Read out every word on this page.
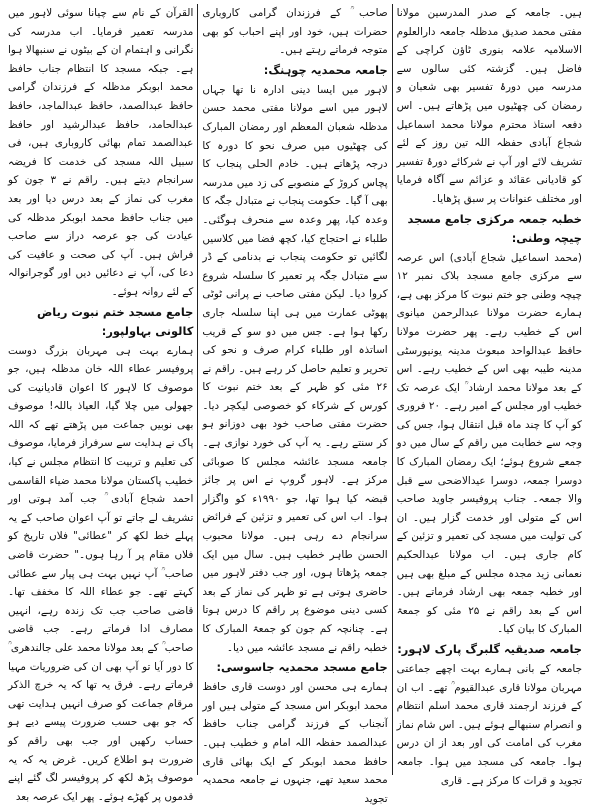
ہیں۔ جامعہ کے صدر المدرسین مولانا مفتی محمد صدیق مدظلہ جامعہ دارالعلوم الاسلامیہ علامہ بنوری ٹاؤن کراچی کے فاضل ہیں۔ گزشتہ کئی سالوں سے مدرسہ میں دورۂ تفسیر بھی شعبان و رمضان کی چھٹیوں میں پڑھاتے ہیں۔ اس دفعہ استاذ محترم مولانا محمد اسماعیل شجاع آبادی حفظہ اللہ تین روز کے لئے تشریف لائے اور آپ نے شرکائے دورۂ تفسیر کو قادیانی عقائد و عزائم سے آگاہ فرمایا اور مختلف عنوانات پر سبق پڑھایا۔

خطبہ جمعہ مرکزی جامع مسجد چیچہ وطنی:

(محمد اسماعیل شجاع آبادی) اس عرصہ سے مرکزی جامع مسجد بلاک نمبر ۱۲ چیچہ وطنی جو ختم نبوت کا مرکز بھی ہے، ہمارے حضرت مولانا عبدالرحمن میانوی اس کے خطیب رہے۔ پھر حضرت مولانا حافظ عبدالواحد مبعوث مدینہ یونیورسٹی مدینہ طیبہ بھی اس کے خطیب رہے۔ اس کے بعد مولانا محمد ارشاد ؒ ایک عرصہ تک خطیب اور مجلس کے امیر رہے۔ ۲۰ فروری کو آپ کا چند ماہ قبل انتقال ہوا، جس کی وجہ سے خطابت میں راقم کے سال میں دو جمعے شروع ہوئے؛ ایک رمضان المبارک کا دوسرا جمعہ، دوسرا عیدالاضحی سے قبل والا جمعہ۔ جناب پروفیسر جاوید صاحب اس کے متولی اور خدمت گزار ہیں۔ ان کی تولیت میں مسجد کی تعمیر و تزئین کے کام جاری ہیں۔ اب مولانا عبدالحکیم نعمانی زید مجدہ مجلس کے مبلغ بھی ہیں اور خطبہ جمعہ بھی ارشاد فرماتے ہیں۔ اس کے بعد راقم نے ۲۵ مئی کو جمعۃ المبارک کا بیان کیا۔

جامعہ صدیقیہ گلبرگ پارک لاہور:

جامعہ کے بانی ہمارے بہت اچھے جماعتی مہربان مولانا قاری عبدالقیوم ؒ تھے۔ اب ان کے فرزند ارجمند قاری محمد اسلم انتظام و انصرام سنبھالے ہوئے ہیں۔ اس شام نماز مغرب کی امامت کی اور بعد از ان درس ہوا۔ جامعہ کی مسجد میں ہوا۔ جامعہ تجوید و قرات کا مرکز ہے۔ قاری

صاحب ؒ کے فرزندان گرامی کاروباری حضرات ہیں، خود اور اپنے احباب کو بھی متوجہ فرماتے رہتے ہیں۔

جامعہ محمدیہ چوہنگ:

لاہور میں ایسا دینی ادارہ نا تھا جہاں لاہور میں اسے مولانا مفتی محمد حسن مدظلہ شعبان المعظم اور رمضان المبارک کی چھٹیوں میں صرف نحو کا دورہ کا درجہ پڑھاتے ہیں۔ خادم الحلی پنجاب کا پچاس کروڑ کے منصوبے کی زد میں مدرسہ بھی آ گیا۔ حکومت پنجاب نے متبادل جگہ کا وعدہ کیا، پھر وعدہ سے منحرف ہوگئی۔ طلباء نے احتجاج کیا، کچھ فضا میں کلاسیں لگائیں تو حکومت پنجاب نے بدنامی کے ڈر سے متبادل جگہ پر تعمیر کا سلسلہ شروع کروا دیا۔ لیکن مفتی صاحب نے پرانی ٹوٹی پھوٹی عمارت میں ہی اپنا سلسلہ جاری رکھا ہوا ہے۔ جس میں دو سو کے قریب اساتذہ اور طلباء کرام صرف و نحو کی تحریر و تعلیم حاصل کر رہے ہیں۔ راقم نے ۲۶ مئی کو ظہر کے بعد ختم نبوت کا کورس کے شرکاء کو خصوصی لیکچر دیا۔ حضرت مفتی صاحب خود بھی دوزانو ہو کر سنتے رہے۔ یہ آپ کی خورد نوازی ہے۔ جامعہ مسجد عائشہ مجلس کا صوبائی مرکز ہے۔ لاہور گروپ نے اس پر جائز قبضہ کیا ہوا تھا، جو ۱۹۹۰ء کو واگزار ہوا۔ اب اس کی تعمیر و تزئین کے فرائض سرانجام دے رہی ہیں۔ مولانا محبوب الحسن طاہر خطیب ہیں۔ سال میں ایک جمعہ پڑھاتا ہوں، اور جب دفتر لاہور میں حاضری ہوتی ہے تو ظہر کی نماز کے بعد کسی دینی موضوع پر راقم کا درس ہوتا ہے۔ چنانچہ کم جون کو جمعۃ المبارک کا خطبہ راقم نے مسجد عائشہ میں دیا۔

جامع مسجد محمدیہ جاسوسی:

ہمارے ہی محسن اور دوست قاری حافظ محمد ابوبکر اس مسجد کے متولی ہیں اور آنجناب کے فرزند گرامی جناب حافظ عبدالصمد حفظہ اللہ امام و خطیب ہیں۔ حافظ محمد ابوبکر کے ایک بھائی قاری محمد سعید تھے، جنہوں نے جامعہ محمدیہ تجوید

القرآن کے نام سے چیانا سوئی لاہور میں مدرسہ تعمیر فرمایا۔ اب مدرسہ کی نگرانی و اہتمام ان کے بیٹوں نے سنبھالا ہوا ہے۔ جبکہ مسجد کا انتظام جناب حافظ محمد ابوبکر مدظلہ کے فرزندان گرامی حافظ عبدالصمد، حافظ عبدالماجد، حافظ عبدالحامد، حافظ عبدالرشید اور حافظ عبدالصمد تمام بھائی کاروباری ہیں، فی سبیل اللہ مسجد کی خدمت کا فریضہ سرانجام دیتے ہیں۔ راقم نے ۳ جون کو مغرب کی نماز کے بعد درس دیا اور بعد میں جناب حافظ محمد ابوبکر مدظلہ کی عیادت کی جو عرصہ دراز سے صاحب فراش ہیں۔ آپ کی صحت و عافیت کی دعا کی، آپ نے دعائیں دیں اور گوجرانوالہ کے لئے روانہ ہوئے۔

جامع مسجد ختم نبوت ریاض کالونی بہاولپور:

ہمارے بہت ہی مہربان بزرگ دوست پروفیسر عطاء اللہ خان مدظلہ ہیں، جو موصوف کا لاہور کا اعوان قادیانیت کی جھولی میں چلا گیا، العیاذ باللہ! موصوف بھی نوبیں جماعت میں پڑھتے تھے کہ اللہ پاک نے ہدایت سے سرفراز فرمایا، موصوف کی تعلیم و تربیت کا انتظام مجلس نے کیا، خطیب پاکستان مولانا محمد ضیاء القاسمی احمد شجاع آبادی ؒ جب آمد ہوتی اور تشریف لے جاتے تو آپ اعوان صاحب کے یہ پہلے خط لکھ کر "عطائی" فلاں تاریخ کو فلاں مقام پر آ رہا ہوں۔" حضرت قاضی صاحب ؒ آپ نہیں بہت ہی پیار سے عطائی کہتے تھے۔ جو عطاء اللہ کا مخفف تھا۔ قاضی صاحب جب تک زندہ رہے، انہیں مصارف ادا فرماتے رہے۔ جب قاضی صاحب ؒ کے بعد مولانا محمد علی جالندھری ؒ کا دور آیا تو آپ بھی ان کی ضروریات مہیا فرماتے رہے۔ فرق یہ تھا کہ یہ خرچ الذکر مرقام جماعت کو صرف انہیں ہدایت تھی کہ جو بھی حسب ضرورت پیسے دیے ہو حساب رکھیں اور جب بھی راقم کو ضرورت ہو اطلاع کریں۔ غرض یہ کہ یہ موصوف پڑھ لکھ کر پروفیسر لگ گئے اپنے قدموں پر کھڑے ہوئے۔ پھر ایک عرصہ بعد
